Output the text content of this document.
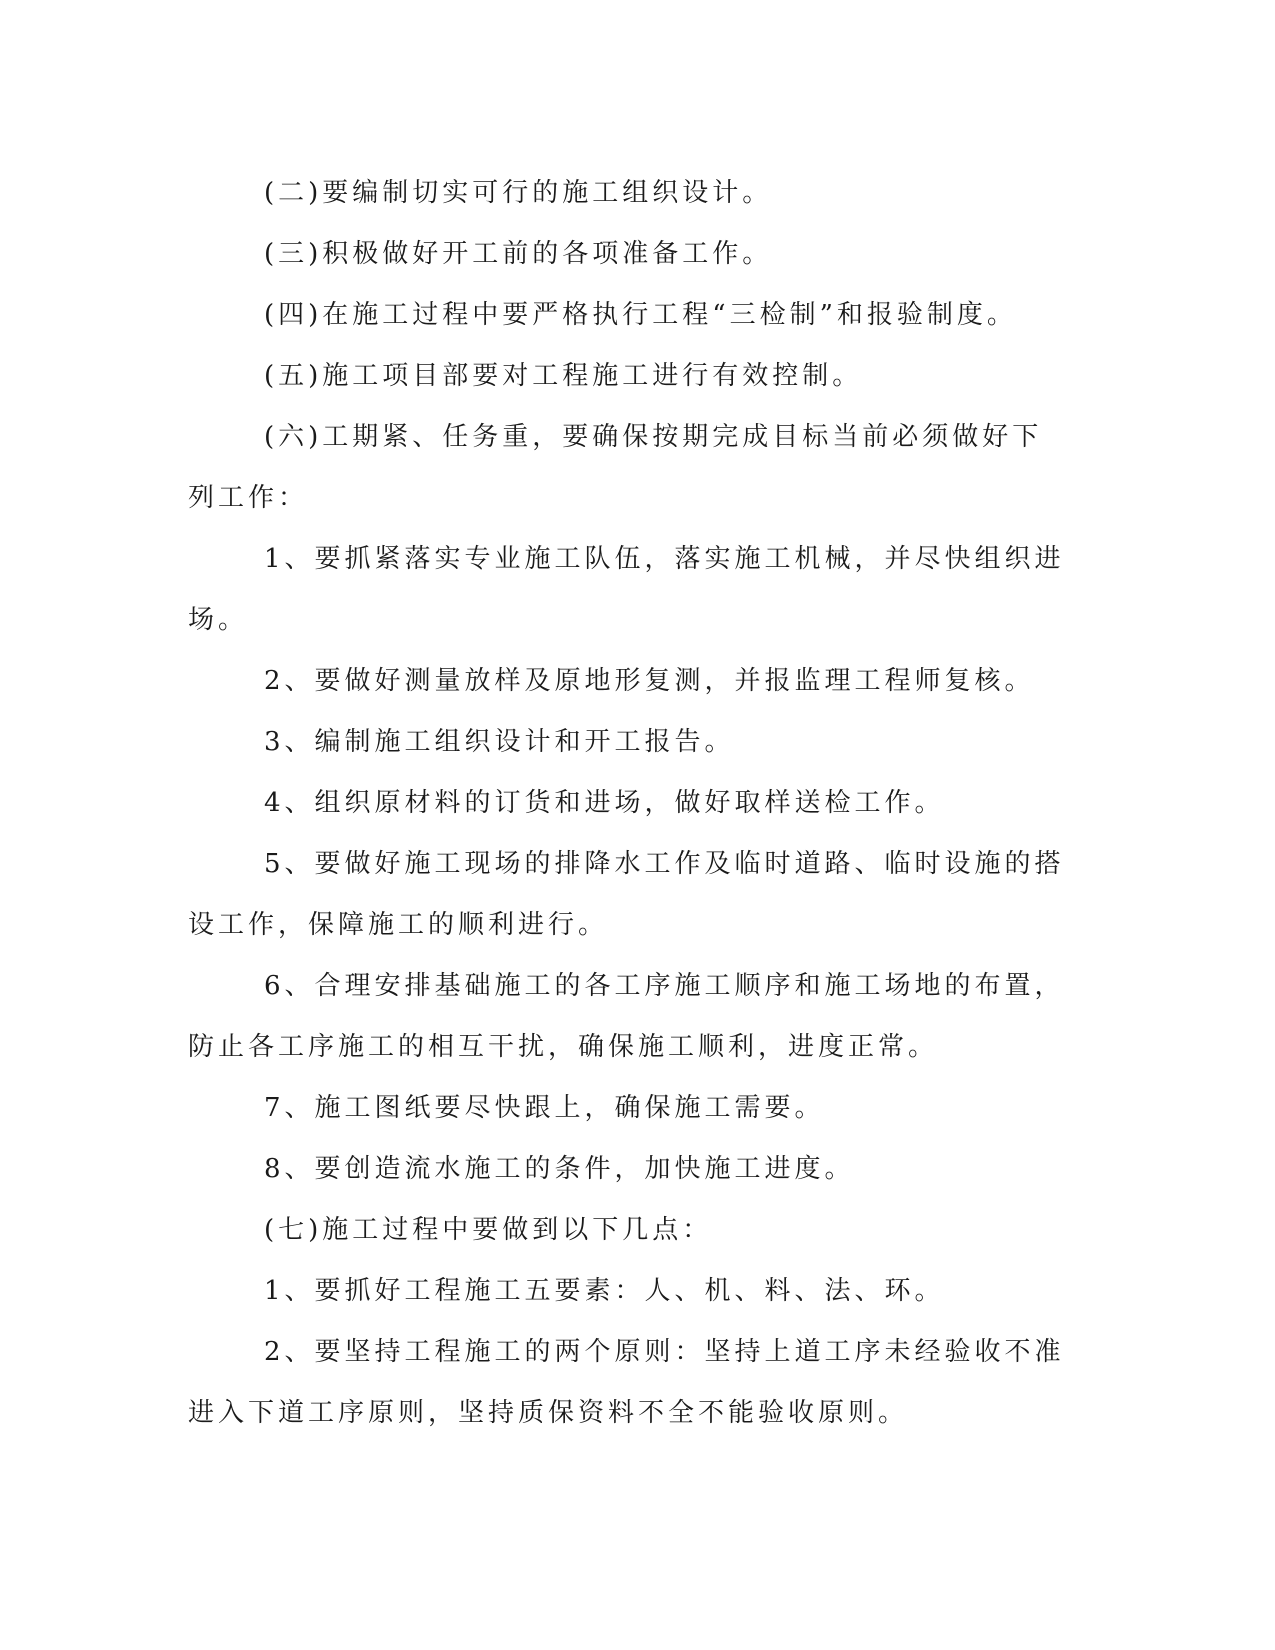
(二)要编制切实可行的施工组织设计。

(三)积极做好开工前的各项准备工作。

(四)在施工过程中要严格执行工程“三检制”和报验制度。

(五)施工项目部要对工程施工进行有效控制。

(六)工期紧、任务重，要确保按期完成目标当前必须做好下列工作：

1、要抓紧落实专业施工队伍，落实施工机械，并尽快组织进场。

2、要做好测量放样及原地形复测，并报监理工程师复核。

3、编制施工组织设计和开工报告。

4、组织原材料的订货和进场，做好取样送检工作。

5、要做好施工现场的排降水工作及临时道路、临时设施的搭设工作，保障施工的顺利进行。

6、合理安排基础施工的各工序施工顺序和施工场地的布置，防止各工序施工的相互干扰，确保施工顺利，进度正常。

7、施工图纸要尽快跟上，确保施工需要。

8、要创造流水施工的条件，加快施工进度。

(七)施工过程中要做到以下几点：

1、要抓好工程施工五要素：人、机、料、法、环。

2、要坚持工程施工的两个原则：坚持上道工序未经验收不准进入下道工序原则，坚持质保资料不全不能验收原则。
